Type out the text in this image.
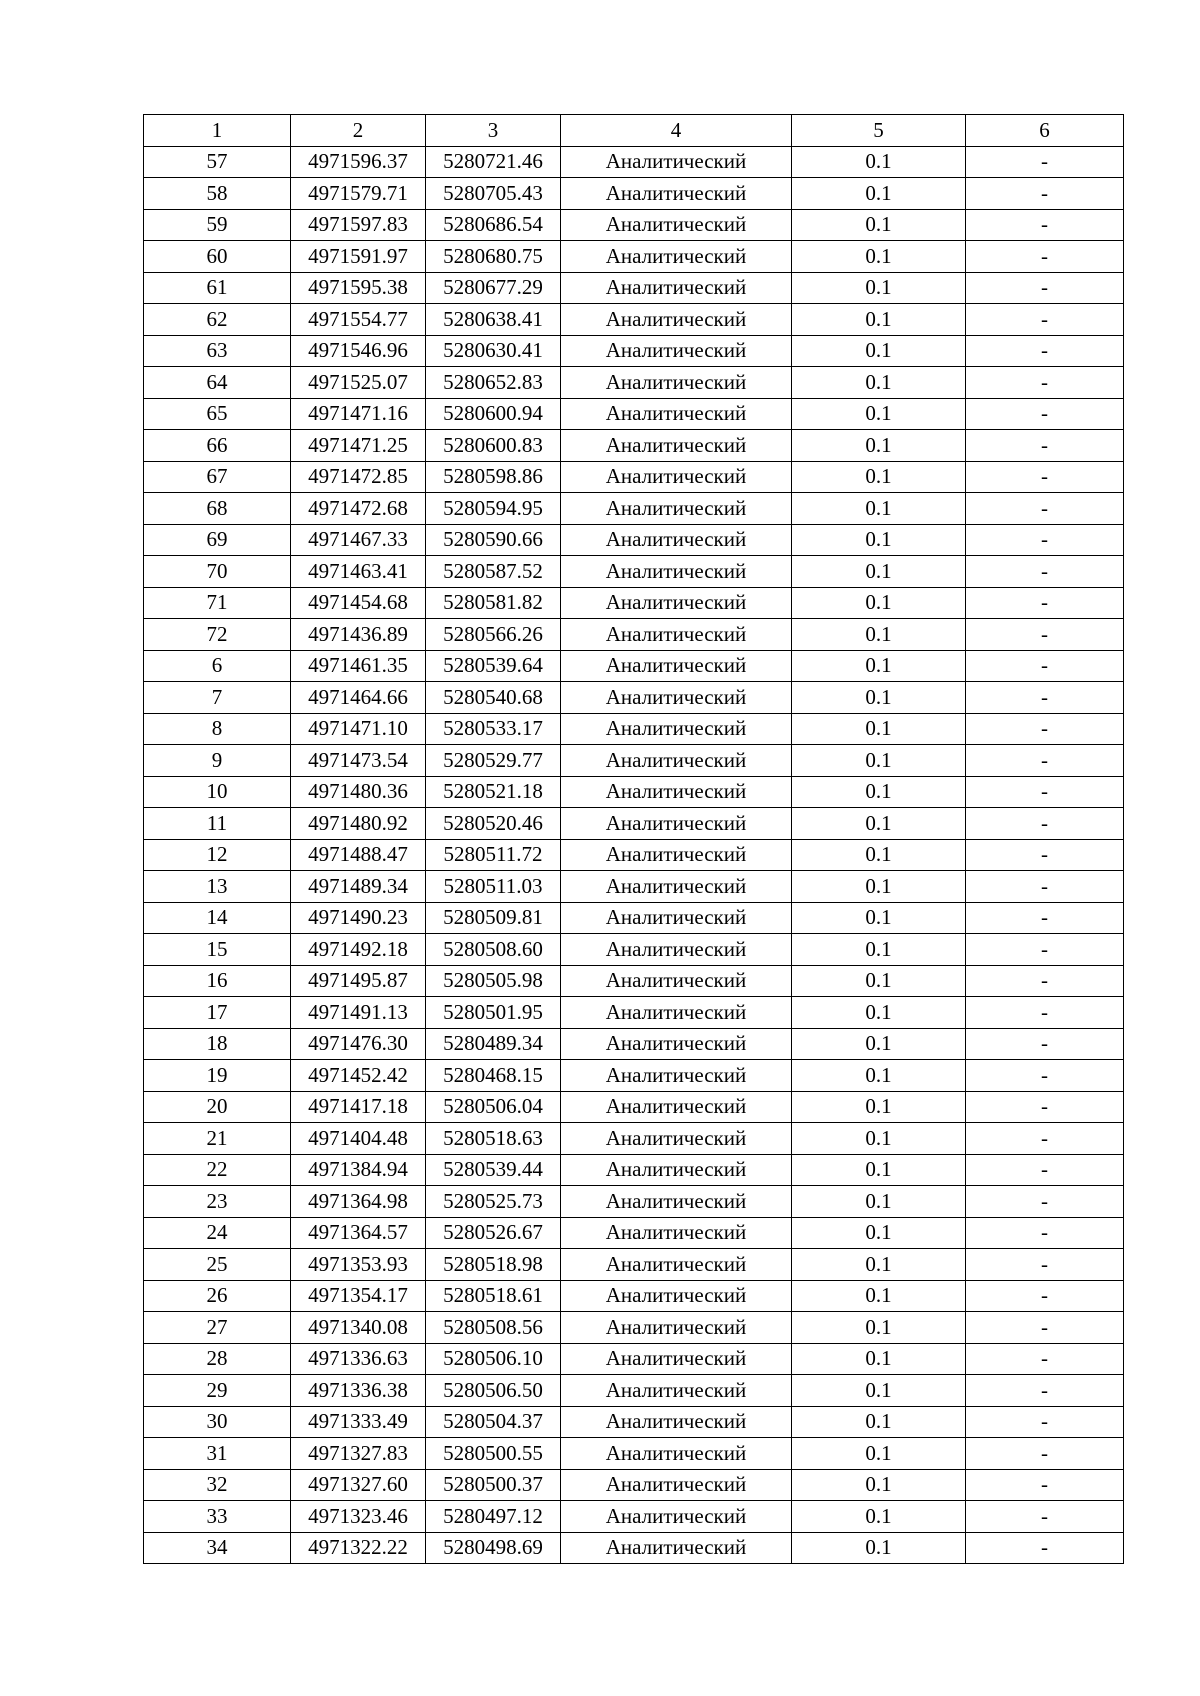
1	2	3	4	5	6
57	4971596.37	5280721.46	Аналитический	0.1	-
58	4971579.71	5280705.43	Аналитический	0.1	-
59	4971597.83	5280686.54	Аналитический	0.1	-
60	4971591.97	5280680.75	Аналитический	0.1	-
61	4971595.38	5280677.29	Аналитический	0.1	-
62	4971554.77	5280638.41	Аналитический	0.1	-
63	4971546.96	5280630.41	Аналитический	0.1	-
64	4971525.07	5280652.83	Аналитический	0.1	-
65	4971471.16	5280600.94	Аналитический	0.1	-
66	4971471.25	5280600.83	Аналитический	0.1	-
67	4971472.85	5280598.86	Аналитический	0.1	-
68	4971472.68	5280594.95	Аналитический	0.1	-
69	4971467.33	5280590.66	Аналитический	0.1	-
70	4971463.41	5280587.52	Аналитический	0.1	-
71	4971454.68	5280581.82	Аналитический	0.1	-
72	4971436.89	5280566.26	Аналитический	0.1	-
6	4971461.35	5280539.64	Аналитический	0.1	-
7	4971464.66	5280540.68	Аналитический	0.1	-
8	4971471.10	5280533.17	Аналитический	0.1	-
9	4971473.54	5280529.77	Аналитический	0.1	-
10	4971480.36	5280521.18	Аналитический	0.1	-
11	4971480.92	5280520.46	Аналитический	0.1	-
12	4971488.47	5280511.72	Аналитический	0.1	-
13	4971489.34	5280511.03	Аналитический	0.1	-
14	4971490.23	5280509.81	Аналитический	0.1	-
15	4971492.18	5280508.60	Аналитический	0.1	-
16	4971495.87	5280505.98	Аналитический	0.1	-
17	4971491.13	5280501.95	Аналитический	0.1	-
18	4971476.30	5280489.34	Аналитический	0.1	-
19	4971452.42	5280468.15	Аналитический	0.1	-
20	4971417.18	5280506.04	Аналитический	0.1	-
21	4971404.48	5280518.63	Аналитический	0.1	-
22	4971384.94	5280539.44	Аналитический	0.1	-
23	4971364.98	5280525.73	Аналитический	0.1	-
24	4971364.57	5280526.67	Аналитический	0.1	-
25	4971353.93	5280518.98	Аналитический	0.1	-
26	4971354.17	5280518.61	Аналитический	0.1	-
27	4971340.08	5280508.56	Аналитический	0.1	-
28	4971336.63	5280506.10	Аналитический	0.1	-
29	4971336.38	5280506.50	Аналитический	0.1	-
30	4971333.49	5280504.37	Аналитический	0.1	-
31	4971327.83	5280500.55	Аналитический	0.1	-
32	4971327.60	5280500.37	Аналитический	0.1	-
33	4971323.46	5280497.12	Аналитический	0.1	-
34	4971322.22	5280498.69	Аналитический	0.1	-
